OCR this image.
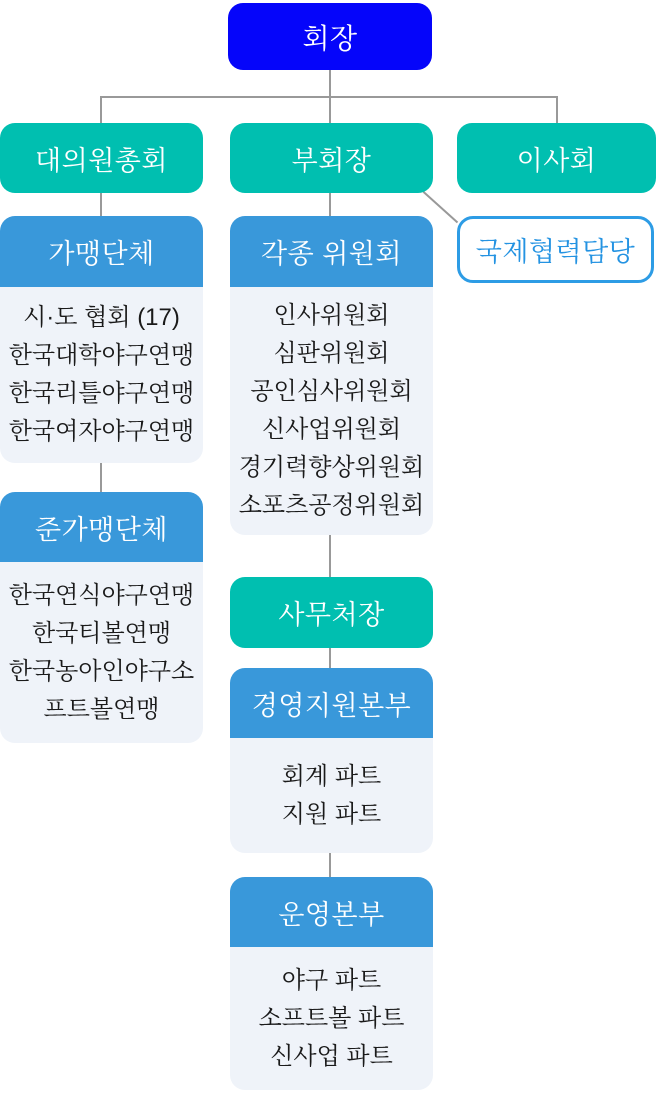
회장
대의원총회	부회장	이사회
국제협력담당
가맹단체
시·도 협회 (17)
한국대학야구연맹
한국리틀야구연맹
한국여자야구연맹
각종 위원회
인사위원회
심판위원회
공인심사위원회
신사업위원회
경기력향상위원회
소포츠공정위원회
준가맹단체
한국연식야구연맹
한국티볼연맹
한국농아인야구소프트볼연맹
사무처장
경영지원본부
회계 파트
지원 파트
운영본부
야구 파트
소프트볼 파트
신사업 파트
